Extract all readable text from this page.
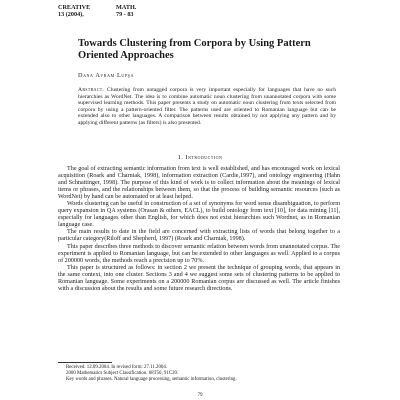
CREATIVE	MATH.
13 (2004),	79 - 83
Towards Clustering from Corpora by Using Pattern Oriented Approaches
Dana Avram Lupşa
Abstract. Clustering from untagged corpora is very important especially for languages that have no such hierarchies as WordNet. The idea is to combine automatic noun clustering from unannotated corpora with some supervised learning methods. This paper presents a study on automatic noun clustering from texts selected from corpora by using a pattern-oriented filter. The patterns used are oriented to Romanian language but can be extended also to other languages. A comparison between results obtained by not applying any pattern and by applying different patterns (as filters) is also presented.
1. Introduction

The goal of extracting semantic information from text is well established, and has encouraged work on lexical acquisition (Roark and Charniak, 1998), information extraction (Cardie,1997), and ontology engineering (Hahn and Schnattinger, 1998). The purpose of this kind of work is to collect information about the meanings of lexical items or phrases, and the relationships between them, so that the process of building semantic resources (such as WordNet) by hand can be automated or at least helped.

Words clustering can be useful in construction of a set of synonyms for word sense disambiguation, to perform query expansion in QA systems (Orasan & others, EACL), to build ontology from text [10], for data mining [11], especially for languages other than English, for which does not exist hierarchies such Wordnet, as in Romanian language case.

The main results to date in the field are concerned with extracting lists of words that belong together to a particular category(Riloff and Shepherd, 1997) (Roark and Charniak, 1998).

This paper describes three methods to discover semantic relation between words from unannotated corpus. The experiment is applied to Romanian language, but can be extended to other languages as well. Applied to a corpus of 200000 words, the methods reach a precision up to 70%.

This paper is structured as follows: in section 2 we present the technique of grouping words, that appears in the same context, into one cluster. Sections 3 and 4 we suggest some sets of clustering patterns to be applied to Romanian language. Some experiments on a 200000 Romanian corpus are discussed as well. The article finishes with a discussion about the results and some future research directions.

Received: 12.09.2004. In revised form: 27.11.2004.
2000 Mathematics Subject Classification. 68T50, 91C20.
Key words and phrases. Natural language processing, semantic information, clustering.
79
